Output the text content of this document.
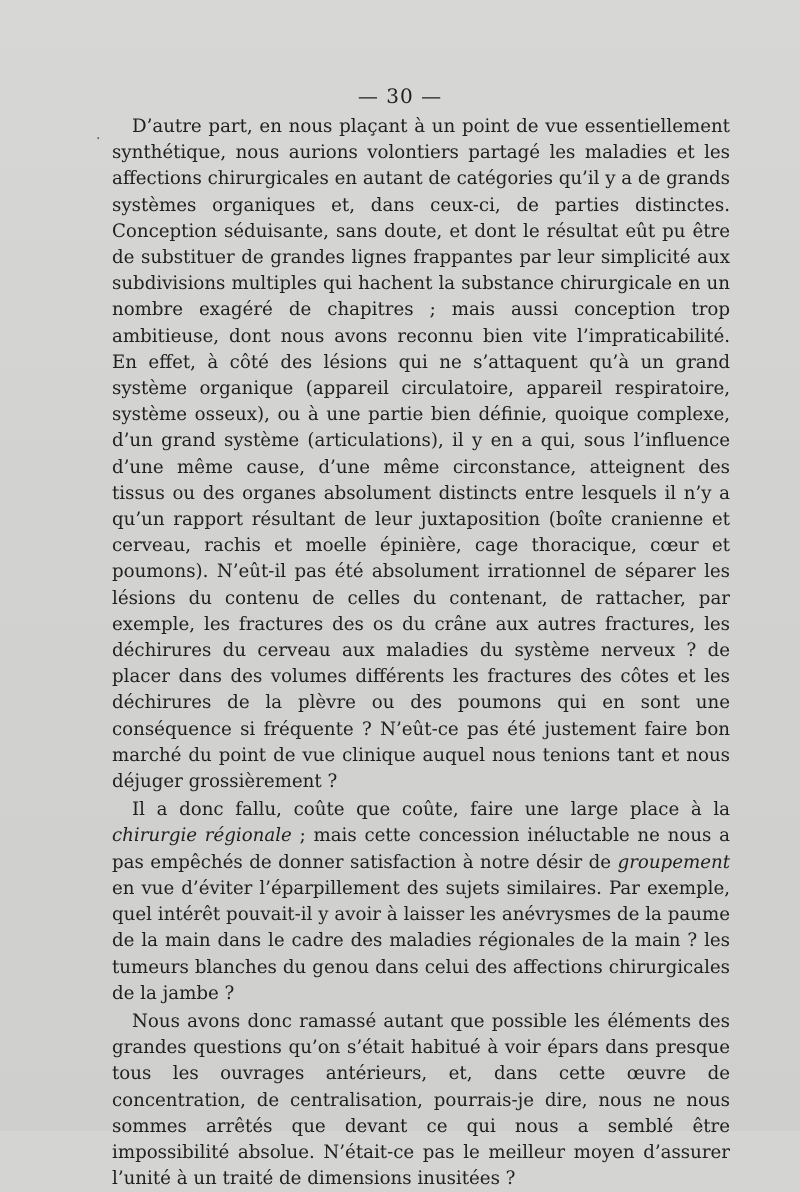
— 30 —
·

D’autre part, en nous plaçant à un point de vue essentiellement synthétique, nous aurions volontiers partagé les maladies et les affections chirurgicales en autant de catégories qu’il y a de grands systèmes organiques et, dans ceux-ci, de parties distinctes. Conception séduisante, sans doute, et dont le résultat eût pu être de substituer de grandes lignes frappantes par leur simplicité aux subdivisions multiples qui hachent la substance chirurgicale en un nombre exagéré de chapitres ; mais aussi conception trop ambitieuse, dont nous avons reconnu bien vite l’impraticabilité. En effet, à côté des lésions qui ne s’attaquent qu’à un grand système organique (appareil circulatoire, appareil respiratoire, système osseux), ou à une partie bien définie, quoique complexe, d’un grand système (articulations), il y en a qui, sous l’influence d’une même cause, d’une même circonstance, atteignent des tissus ou des organes absolument distincts entre lesquels il n’y a qu’un rapport résultant de leur juxtaposition (boîte cranienne et cerveau, rachis et moelle épinière, cage thoracique, cœur et poumons). N’eût-il pas été absolument irrationnel de séparer les lésions du contenu de celles du contenant, de rattacher, par exemple, les fractures des os du crâne aux autres fractures, les déchirures du cerveau aux maladies du système nerveux ? de placer dans des volumes différents les fractures des côtes et les déchirures de la plèvre ou des poumons qui en sont une conséquence si fréquente ? N’eût-ce pas été justement faire bon marché du point de vue clinique auquel nous tenions tant et nous déjuger grossièrement ?

Il a donc fallu, coûte que coûte, faire une large place à la chirurgie régionale ; mais cette concession inéluctable ne nous a pas empêchés de donner satisfaction à notre désir de groupement en vue d’éviter l’éparpillement des sujets similaires. Par exemple, quel intérêt pouvait-il y avoir à laisser les anévrysmes de la paume de la main dans le cadre des maladies régionales de la main ? les tumeurs blanches du genou dans celui des affections chirurgicales de la jambe ?

Nous avons donc ramassé autant que possible les éléments des grandes questions qu’on s’était habitué à voir épars dans presque tous les ouvrages antérieurs, et, dans cette œuvre de concentration, de centralisation, pourrais-je dire, nous ne nous sommes arrêtés que devant ce qui nous a semblé être impossibilité absolue. N’était-ce pas le meilleur moyen d’assurer l’unité à un traité de dimensions inusitées ?
